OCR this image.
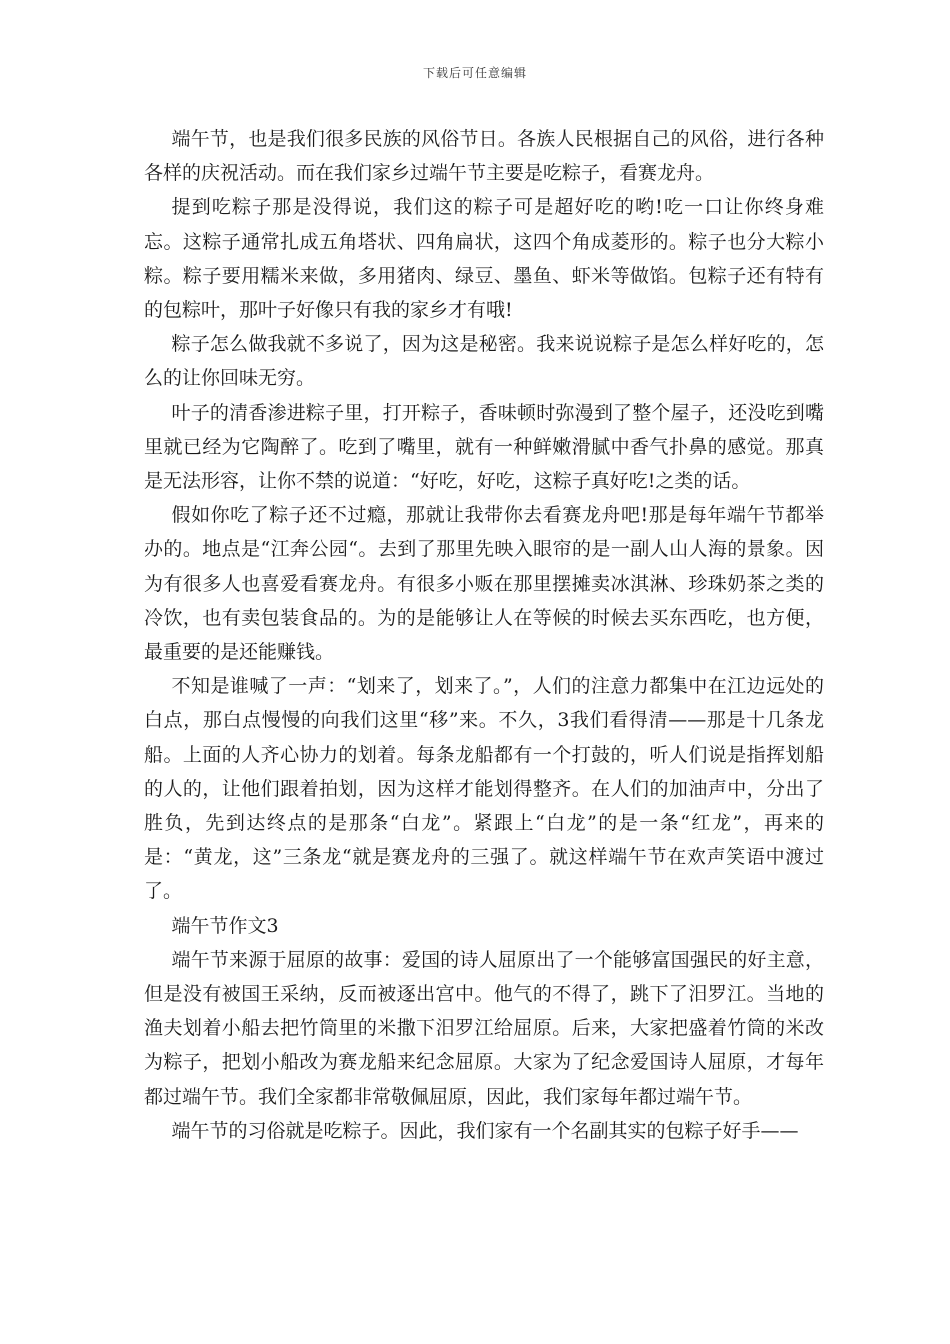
下载后可任意编辑

端午节，也是我们很多民族的风俗节日。各族人民根据自己的风俗，进行各种各样的庆祝活动。而在我们家乡过端午节主要是吃粽子，看赛龙舟。

提到吃粽子那是没得说，我们这的粽子可是超好吃的哟!吃一口让你终身难忘。这粽子通常扎成五角塔状、四角扁状，这四个角成菱形的。粽子也分大粽小粽。粽子要用糯米来做，多用猪肉、绿豆、墨鱼、虾米等做馅。包粽子还有特有的包粽叶，那叶子好像只有我的家乡才有哦!

粽子怎么做我就不多说了，因为这是秘密。我来说说粽子是怎么样好吃的，怎么的让你回味无穷。

叶子的清香渗进粽子里，打开粽子，香味顿时弥漫到了整个屋子，还没吃到嘴里就已经为它陶醉了。吃到了嘴里，就有一种鲜嫩滑腻中香气扑鼻的感觉。那真是无法形容，让你不禁的说道：“好吃，好吃，这粽子真好吃!之类的话。

假如你吃了粽子还不过瘾，那就让我带你去看赛龙舟吧!那是每年端午节都举办的。地点是“江奔公园“。去到了那里先映入眼帘的是一副人山人海的景象。因为有很多人也喜爱看赛龙舟。有很多小贩在那里摆摊卖冰淇淋、珍珠奶茶之类的冷饮，也有卖包装食品的。为的是能够让人在等候的时候去买东西吃，也方便，最重要的是还能赚钱。

不知是谁喊了一声：“划来了，划来了。”，人们的注意力都集中在江边远处的白点，那白点慢慢的向我们这里“移”来。不久，3我们看得清——那是十几条龙船。上面的人齐心协力的划着。每条龙船都有一个打鼓的，听人们说是指挥划船的人的，让他们跟着拍划，因为这样才能划得整齐。在人们的加油声中，分出了胜负，先到达终点的是那条“白龙”。紧跟上“白龙”的是一条“红龙”，再来的是：“黄龙，这”三条龙“就是赛龙舟的三强了。就这样端午节在欢声笑语中渡过了。

端午节作文3

端午节来源于屈原的故事：爱国的诗人屈原出了一个能够富国强民的好主意，但是没有被国王采纳，反而被逐出宫中。他气的不得了，跳下了汨罗江。当地的渔夫划着小船去把竹筒里的米撒下汨罗江给屈原。后来，大家把盛着竹筒的米改为粽子，把划小船改为赛龙船来纪念屈原。大家为了纪念爱国诗人屈原，才每年都过端午节。我们全家都非常敬佩屈原，因此，我们家每年都过端午节。

端午节的习俗就是吃粽子。因此，我们家有一个名副其实的包粽子好手——
